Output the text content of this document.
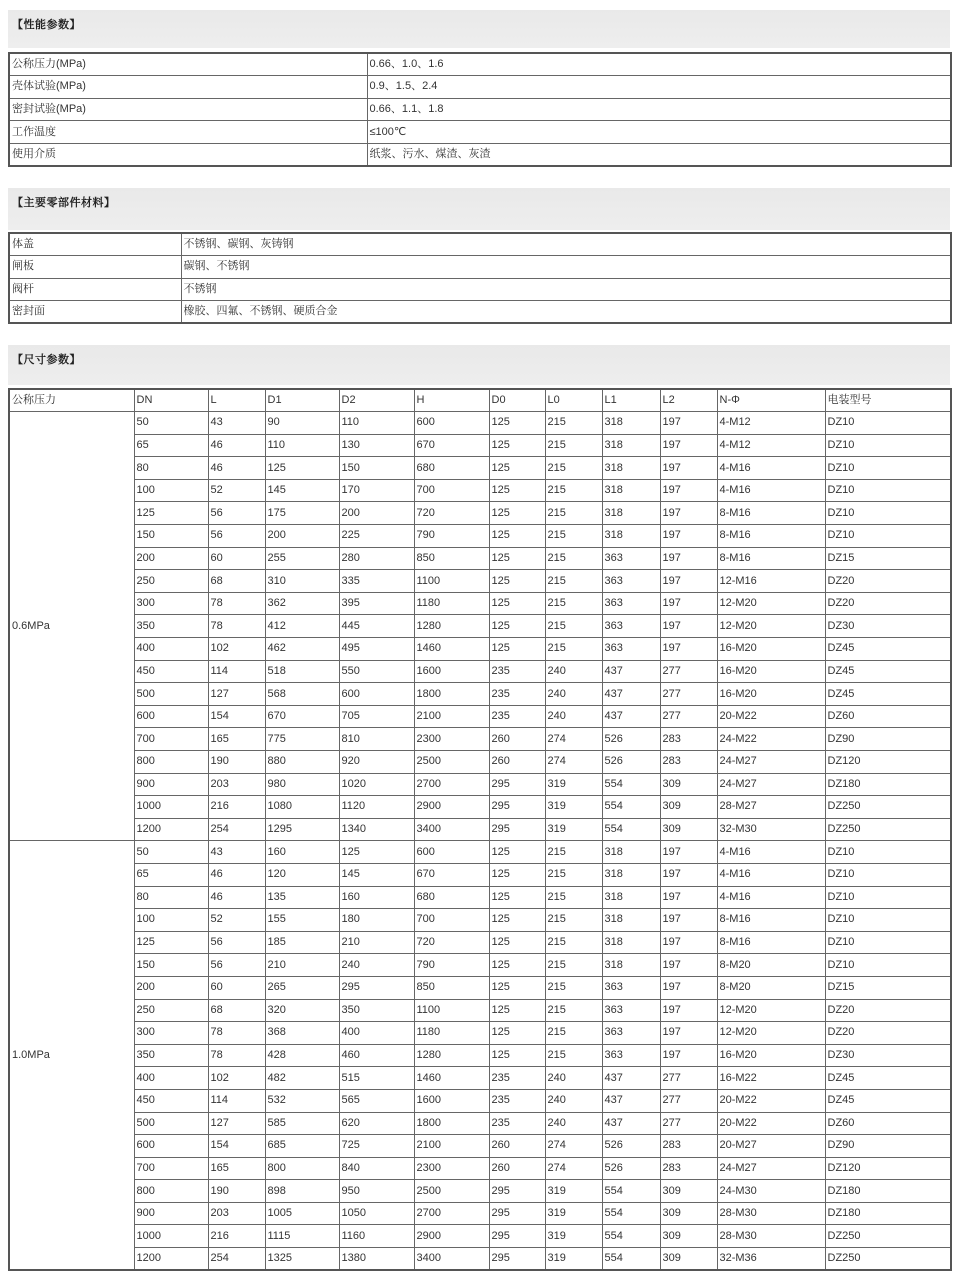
【性能参数】
公称压力(MPa)	0.66、1.0、1.6
壳体试验(MPa)	0.9、1.5、2.4
密封试验(MPa)	0.66、1.1、1.8
工作温度	≤100℃
使用介质	纸浆、污水、煤渣、灰渣
【主要零部件材料】
体盖	不锈钢、碳钢、灰铸钢
闸板	碳钢、不锈钢
阀杆	不锈钢
密封面	橡胶、四氟、不锈钢、硬质合金
【尺寸参数】
公称压力	DN	L	D1	D2	H	D0	L0	L1	L2	N-Φ	电装型号
0.6MPa	50	43	90	110	600	125	215	318	197	4-M12	DZ10
	65	46	110	130	670	125	215	318	197	4-M12	DZ10
	80	46	125	150	680	125	215	318	197	4-M16	DZ10
	100	52	145	170	700	125	215	318	197	4-M16	DZ10
	125	56	175	200	720	125	215	318	197	8-M16	DZ10
	150	56	200	225	790	125	215	318	197	8-M16	DZ10
	200	60	255	280	850	125	215	363	197	8-M16	DZ15
	250	68	310	335	1100	125	215	363	197	12-M16	DZ20
	300	78	362	395	1180	125	215	363	197	12-M20	DZ20
	350	78	412	445	1280	125	215	363	197	12-M20	DZ30
	400	102	462	495	1460	125	215	363	197	16-M20	DZ45
	450	114	518	550	1600	235	240	437	277	16-M20	DZ45
	500	127	568	600	1800	235	240	437	277	16-M20	DZ45
	600	154	670	705	2100	235	240	437	277	20-M22	DZ60
	700	165	775	810	2300	260	274	526	283	24-M22	DZ90
	800	190	880	920	2500	260	274	526	283	24-M27	DZ120
	900	203	980	1020	2700	295	319	554	309	24-M27	DZ180
	1000	216	1080	1120	2900	295	319	554	309	28-M27	DZ250
	1200	254	1295	1340	3400	295	319	554	309	32-M30	DZ250
1.0MPa	50	43	160	125	600	125	215	318	197	4-M16	DZ10
	65	46	120	145	670	125	215	318	197	4-M16	DZ10
	80	46	135	160	680	125	215	318	197	4-M16	DZ10
	100	52	155	180	700	125	215	318	197	8-M16	DZ10
	125	56	185	210	720	125	215	318	197	8-M16	DZ10
	150	56	210	240	790	125	215	318	197	8-M20	DZ10
	200	60	265	295	850	125	215	363	197	8-M20	DZ15
	250	68	320	350	1100	125	215	363	197	12-M20	DZ20
	300	78	368	400	1180	125	215	363	197	12-M20	DZ20
	350	78	428	460	1280	125	215	363	197	16-M20	DZ30
	400	102	482	515	1460	235	240	437	277	16-M22	DZ45
	450	114	532	565	1600	235	240	437	277	20-M22	DZ45
	500	127	585	620	1800	235	240	437	277	20-M22	DZ60
	600	154	685	725	2100	260	274	526	283	20-M27	DZ90
	700	165	800	840	2300	260	274	526	283	24-M27	DZ120
	800	190	898	950	2500	295	319	554	309	24-M30	DZ180
	900	203	1005	1050	2700	295	319	554	309	28-M30	DZ180
	1000	216	1115	1160	2900	295	319	554	309	28-M30	DZ250
	1200	254	1325	1380	3400	295	319	554	309	32-M36	DZ250
